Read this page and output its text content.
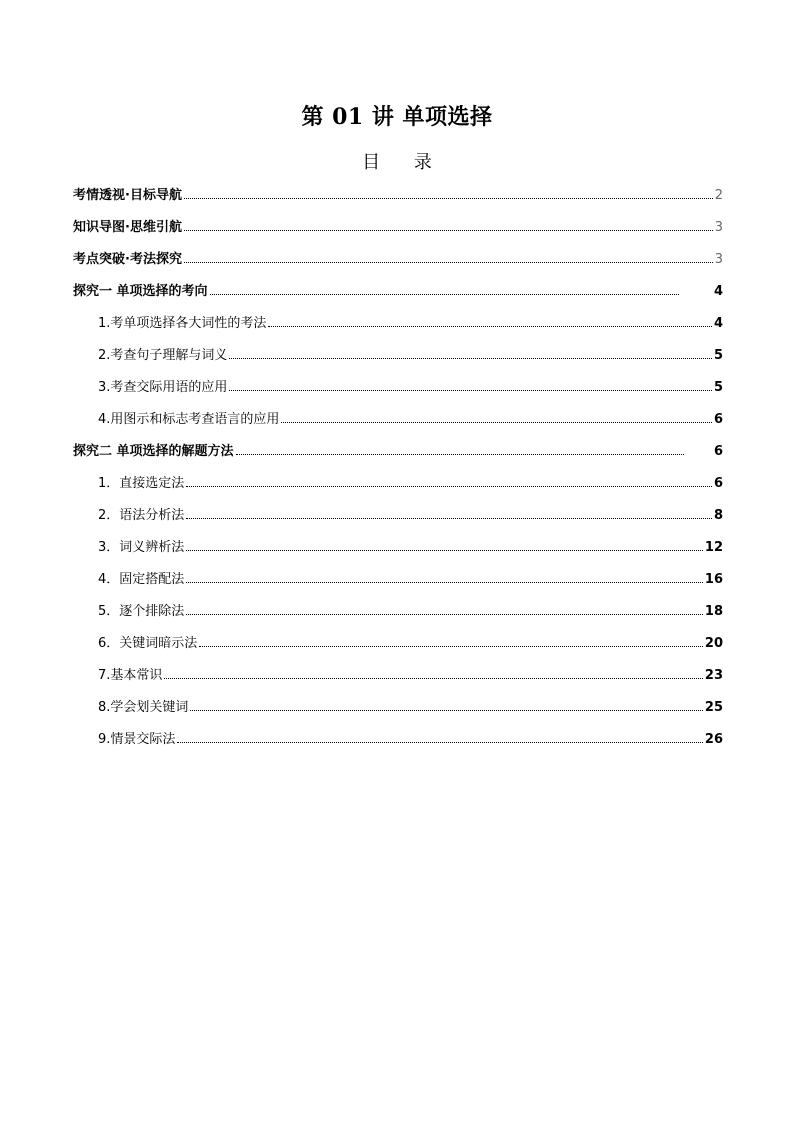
第 01 讲 单项选择
目 录
考情透视·目标导航	2
知识导图·思维引航	3
考点突破·考法探究	3
探究一 单项选择的考向	4
1.考单项选择各大词性的考法	4
2.考查句子理解与词义	5
3.考查交际用语的应用	5
4.用图示和标志考查语言的应用	6
探究二 单项选择的解题方法	6
1．直接选定法	6
2．语法分析法	8
3．词义辨析法	12
4．固定搭配法	16
5．逐个排除法	18
6．关键词暗示法	20
7.基本常识	23
8.学会划关键词	25
9.情景交际法	26
